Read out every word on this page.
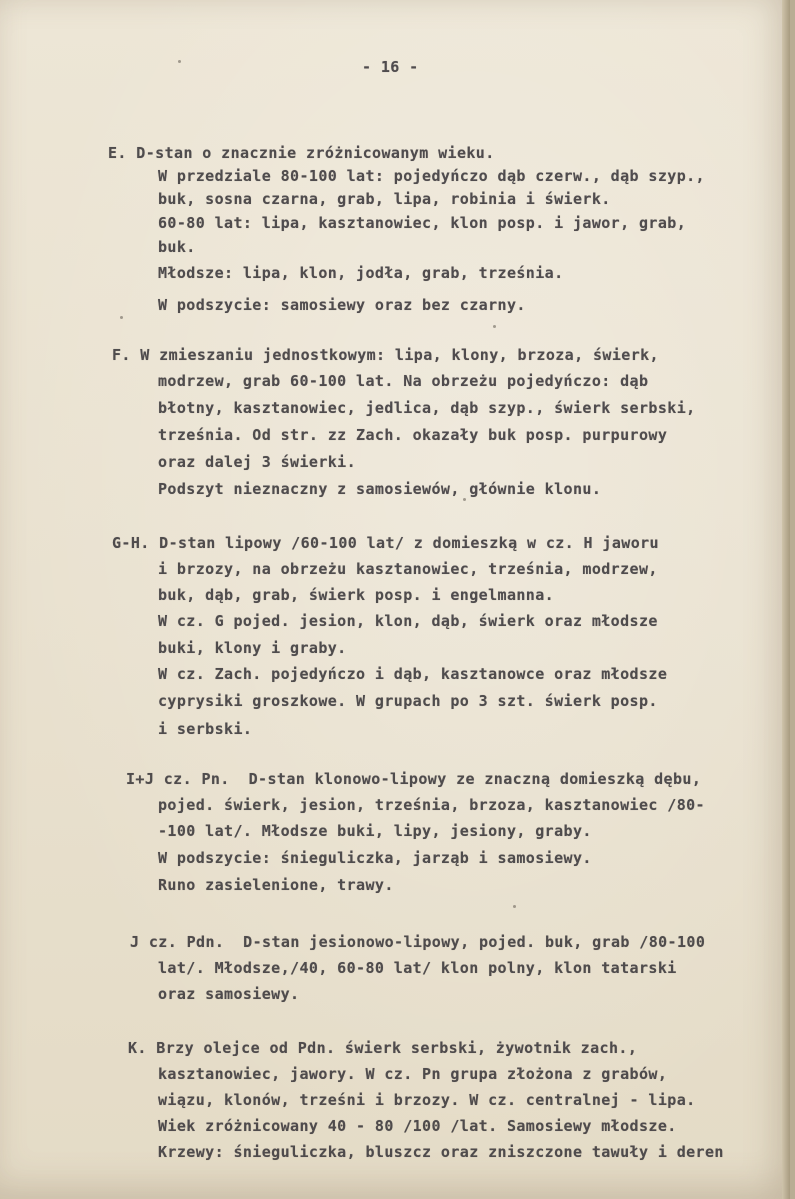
- 16 -
E. D-stan o znacznie zróżnicowanym wieku.
W przedziale 80-100 lat: pojedyńczo dąb czerw., dąb szyp.,
buk, sosna czarna, grab, lipa, robinia i świerk.
60-80 lat: lipa, kasztanowiec, klon posp. i jawor, grab,
buk.
Młodsze: lipa, klon, jodła, grab, trześnia.
W podszycie: samosiewy oraz bez czarny.
F. W zmieszaniu jednostkowym: lipa, klony, brzoza, świerk,
modrzew, grab 60-100 lat. Na obrzeżu pojedyńczo: dąb
błotny, kasztanowiec, jedlica, dąb szyp., świerk serbski,
trześnia. Od str. zz Zach. okazały buk posp. purpurowy
oraz dalej 3 świerki.
Podszyt nieznaczny z samosiewów, głównie klonu.
G-H. D-stan lipowy /60-100 lat/ z domieszką w cz. H jaworu
i brzozy, na obrzeżu kasztanowiec, trześnia, modrzew,
buk, dąb, grab, świerk posp. i engelmanna.
W cz. G pojed. jesion, klon, dąb, świerk oraz młodsze
buki, klony i graby.
W cz. Zach. pojedyńczo i dąb, kasztanowce oraz młodsze
cyprysiki groszkowe. W grupach po 3 szt. świerk posp.
i serbski.
I+J cz. Pn.  D-stan klonowo-lipowy ze znaczną domieszką dębu,
pojed. świerk, jesion, trześnia, brzoza, kasztanowiec /80-
-100 lat/. Młodsze buki, lipy, jesiony, graby.
W podszycie: śnieguliczka, jarząb i samosiewy.
Runo zasielenione, trawy.
J cz. Pdn.  D-stan jesionowo-lipowy, pojed. buk, grab /80-100
lat/. Młodsze,/40, 60-80 lat/ klon polny, klon tatarski
oraz samosiewy.
K. Brzy olejce od Pdn. świerk serbski, żywotnik zach.,
kasztanowiec, jawory. W cz. Pn grupa złożona z grabów,
wiązu, klonów, trześni i brzozy. W cz. centralnej - lipa.
Wiek zróżnicowany 40 - 80 /100 /lat. Samosiewy młodsze.
Krzewy: śnieguliczka, bluszcz oraz zniszczone tawuły i deren
